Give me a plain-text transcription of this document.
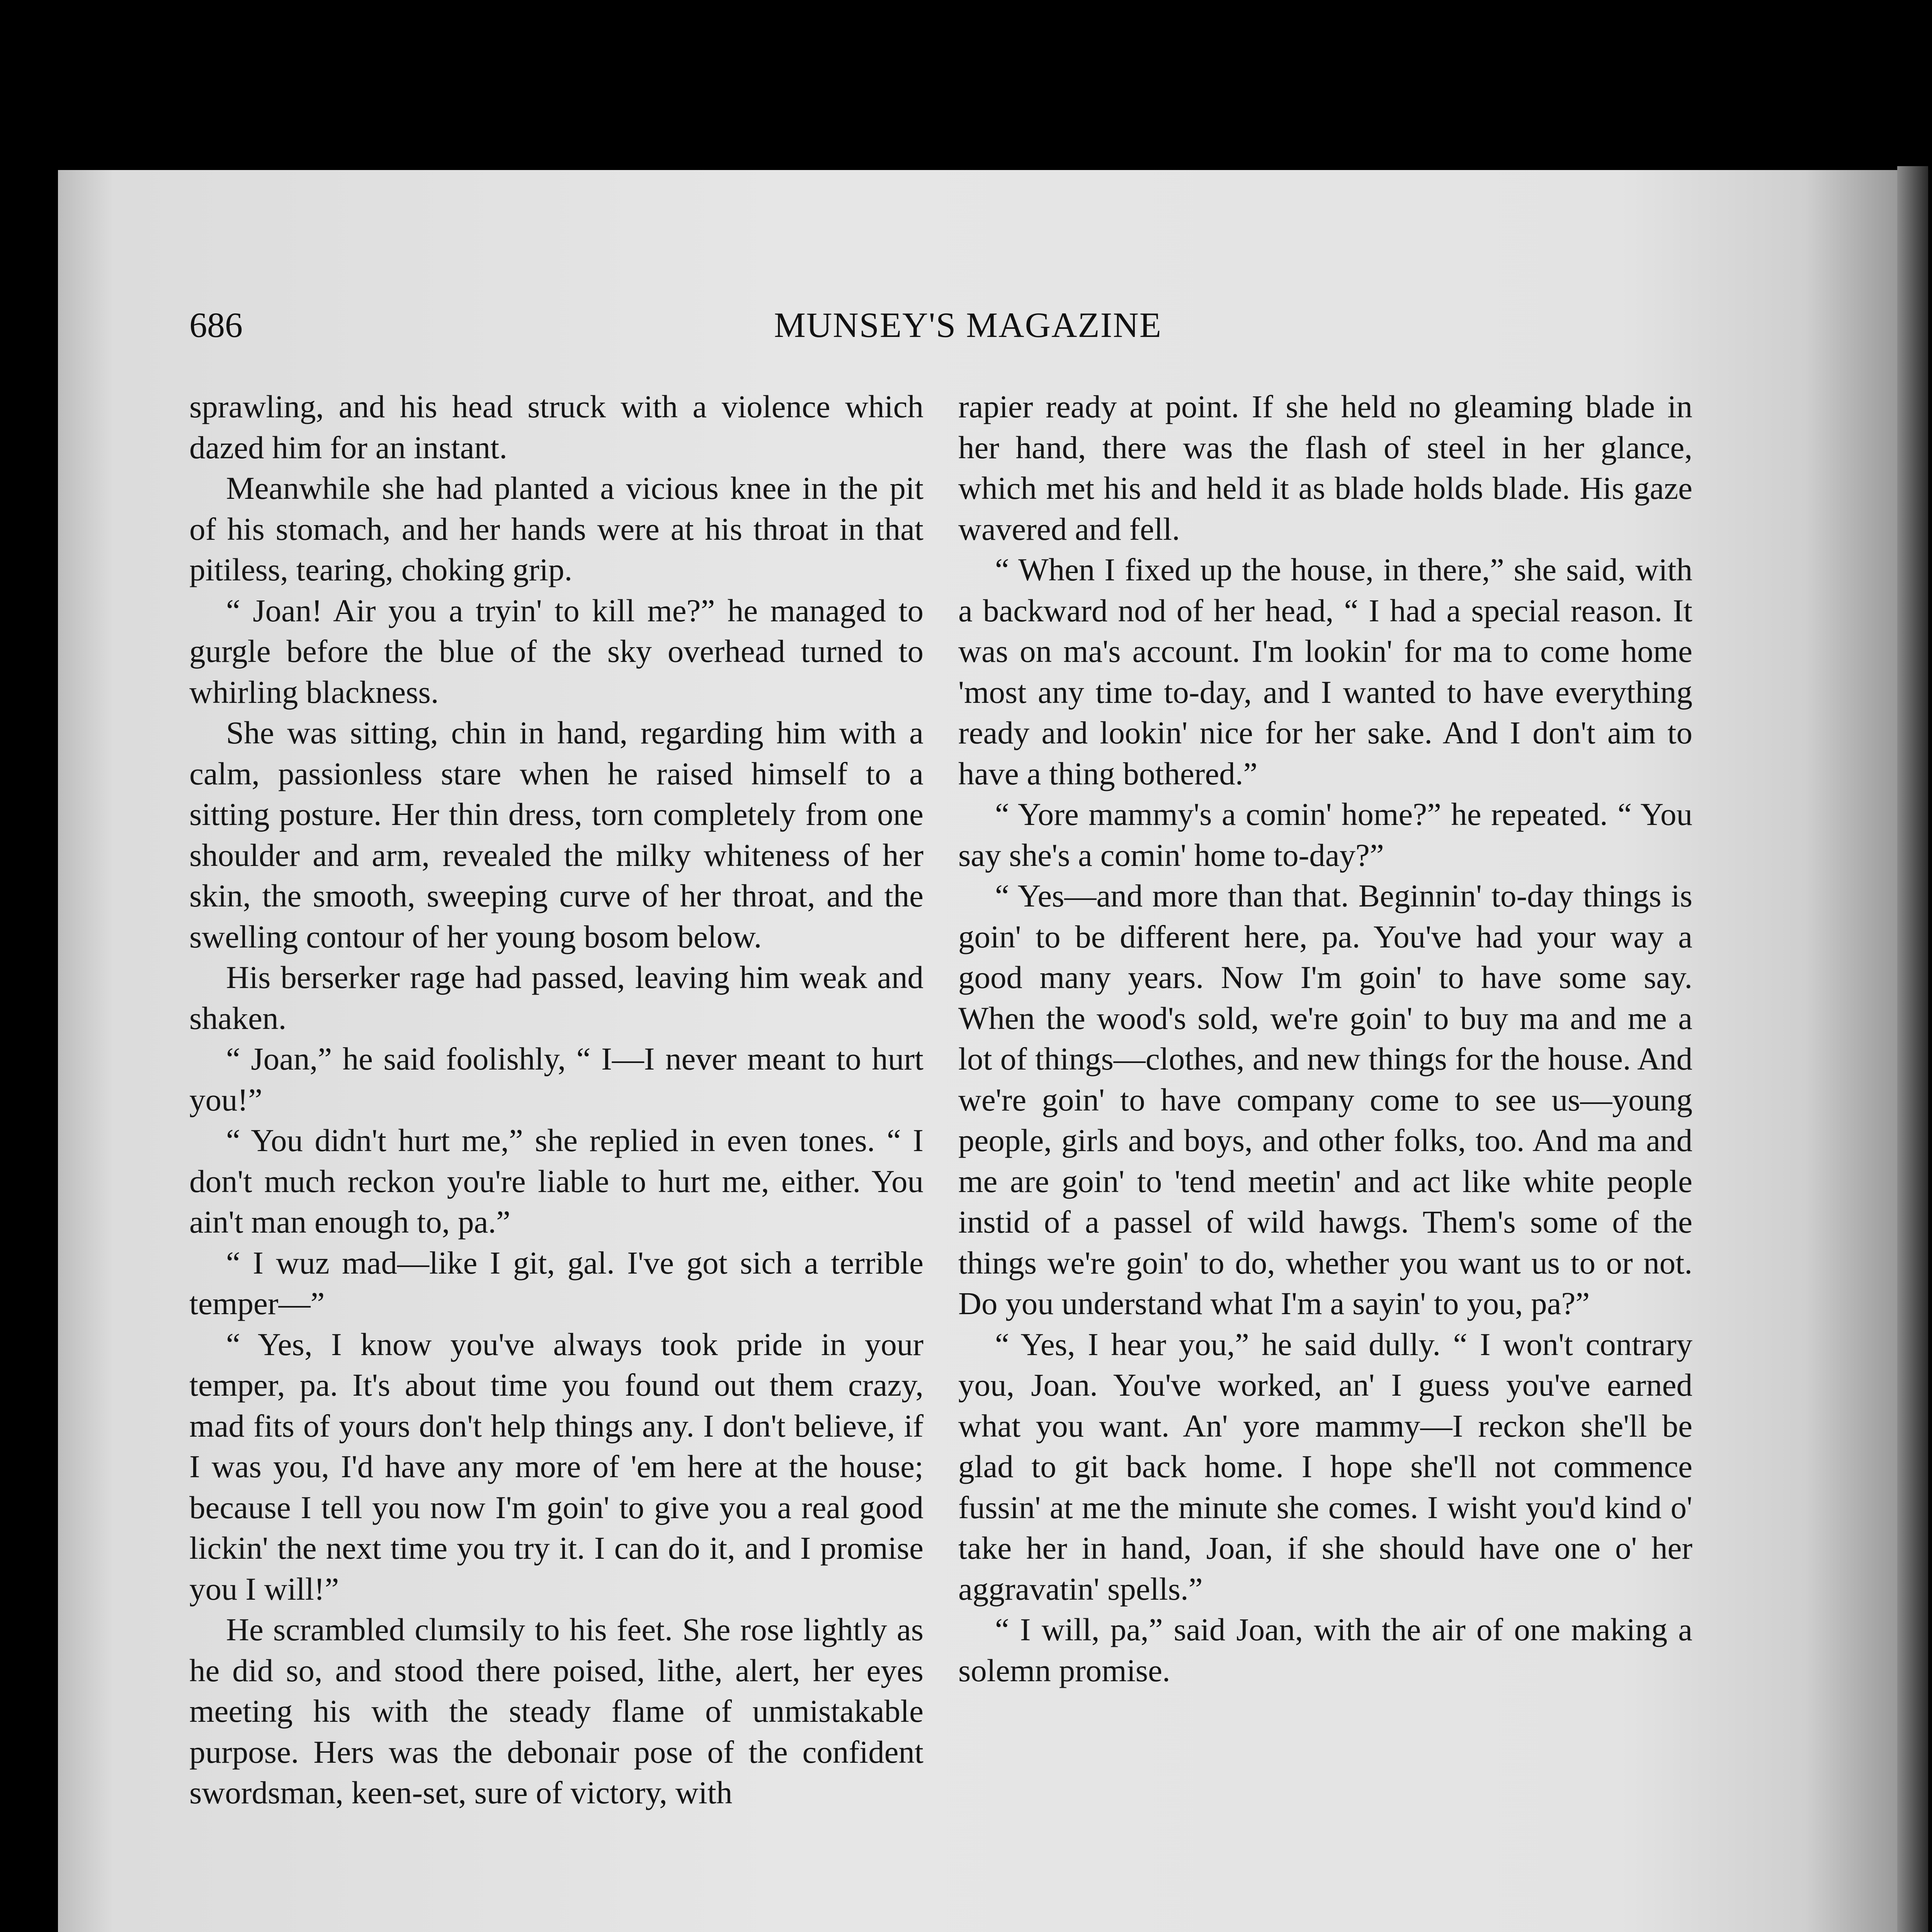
686	MUNSEY'S MAGAZINE

sprawling, and his head struck with a violence which dazed him for an instant.

Meanwhile she had planted a vicious knee in the pit of his stomach, and her hands were at his throat in that pitiless, tearing, choking grip.

“ Joan! Air you a tryin' to kill me?” he managed to gurgle before the blue of the sky overhead turned to whirling blackness.

She was sitting, chin in hand, regarding him with a calm, passionless stare when he raised himself to a sitting posture. Her thin dress, torn completely from one shoulder and arm, revealed the milky whiteness of her skin, the smooth, sweeping curve of her throat, and the swelling contour of her young bosom below.

His berserker rage had passed, leaving him weak and shaken.

“ Joan,” he said foolishly, “ I—I never meant to hurt you!”

“ You didn't hurt me,” she replied in even tones. “ I don't much reckon you're liable to hurt me, either. You ain't man enough to, pa.”

“ I wuz mad—like I git, gal. I've got sich a terrible temper—”

“ Yes, I know you've always took pride in your temper, pa. It's about time you found out them crazy, mad fits of yours don't help things any. I don't believe, if I was you, I'd have any more of 'em here at the house; because I tell you now I'm goin' to give you a real good lickin' the next time you try it. I can do it, and I promise you I will!”

He scrambled clumsily to his feet. She rose lightly as he did so, and stood there poised, lithe, alert, her eyes meeting his with the steady flame of unmistakable purpose. Hers was the debonair pose of the confident swordsman, keen-set, sure of victory, with

rapier ready at point. If she held no gleaming blade in her hand, there was the flash of steel in her glance, which met his and held it as blade holds blade. His gaze wavered and fell.

“ When I fixed up the house, in there,” she said, with a backward nod of her head, “ I had a special reason. It was on ma's account. I'm lookin' for ma to come home 'most any time to-day, and I wanted to have everything ready and lookin' nice for her sake. And I don't aim to have a thing bothered.”

“ Yore mammy's a comin' home?” he repeated. “ You say she's a comin' home to-day?”

“ Yes—and more than that. Beginnin' to-day things is goin' to be different here, pa. You've had your way a good many years. Now I'm goin' to have some say. When the wood's sold, we're goin' to buy ma and me a lot of things—clothes, and new things for the house. And we're goin' to have company come to see us—young people, girls and boys, and other folks, too. And ma and me are goin' to 'tend meetin' and act like white people instid of a passel of wild hawgs. Them's some of the things we're goin' to do, whether you want us to or not. Do you understand what I'm a sayin' to you, pa?”

“ Yes, I hear you,” he said dully. “ I won't contrary you, Joan. You've worked, an' I guess you've earned what you want. An' yore mammy—I reckon she'll be glad to git back home. I hope she'll not commence fussin' at me the minute she comes. I wisht you'd kind o' take her in hand, Joan, if she should have one o' her aggravatin' spells.”

“ I will, pa,” said Joan, with the air of one making a solemn promise.
